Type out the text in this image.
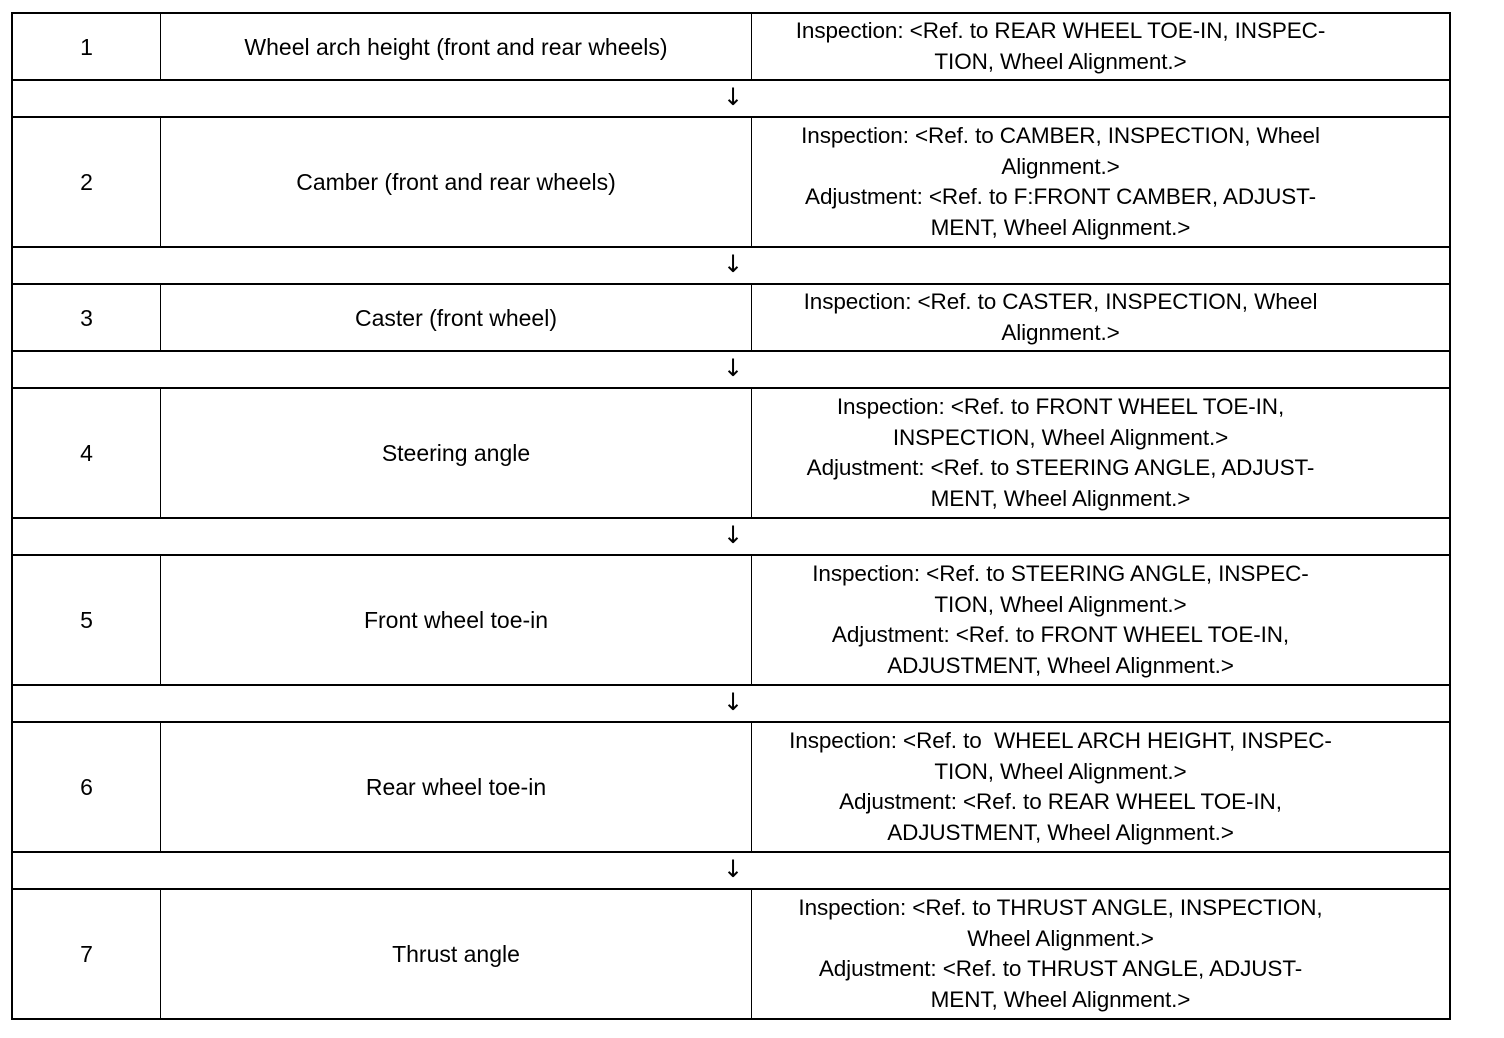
1	Wheel arch height (front and rear wheels)
Inspection: <Ref. to REAR WHEEL TOE-IN, INSPEC-
TION, Wheel Alignment.>
↓
2	Camber (front and rear wheels)
Inspection: <Ref. to CAMBER, INSPECTION, Wheel
Alignment.>
Adjustment: <Ref. to F:FRONT CAMBER, ADJUST-
MENT, Wheel Alignment.>
↓
3	Caster (front wheel)
Inspection: <Ref. to CASTER, INSPECTION, Wheel
Alignment.>
↓
4	Steering angle
Inspection: <Ref. to FRONT WHEEL TOE-IN,
INSPECTION, Wheel Alignment.>
Adjustment: <Ref. to STEERING ANGLE, ADJUST-
MENT, Wheel Alignment.>
↓
5	Front wheel toe-in
Inspection: <Ref. to STEERING ANGLE, INSPEC-
TION, Wheel Alignment.>
Adjustment: <Ref. to FRONT WHEEL TOE-IN,
ADJUSTMENT, Wheel Alignment.>
↓
6	Rear wheel toe-in
Inspection: <Ref. to  WHEEL ARCH HEIGHT, INSPEC-
TION, Wheel Alignment.>
Adjustment: <Ref. to REAR WHEEL TOE-IN,
ADJUSTMENT, Wheel Alignment.>
↓
7	Thrust angle
Inspection: <Ref. to THRUST ANGLE, INSPECTION,
Wheel Alignment.>
Adjustment: <Ref. to THRUST ANGLE, ADJUST-
MENT, Wheel Alignment.>
